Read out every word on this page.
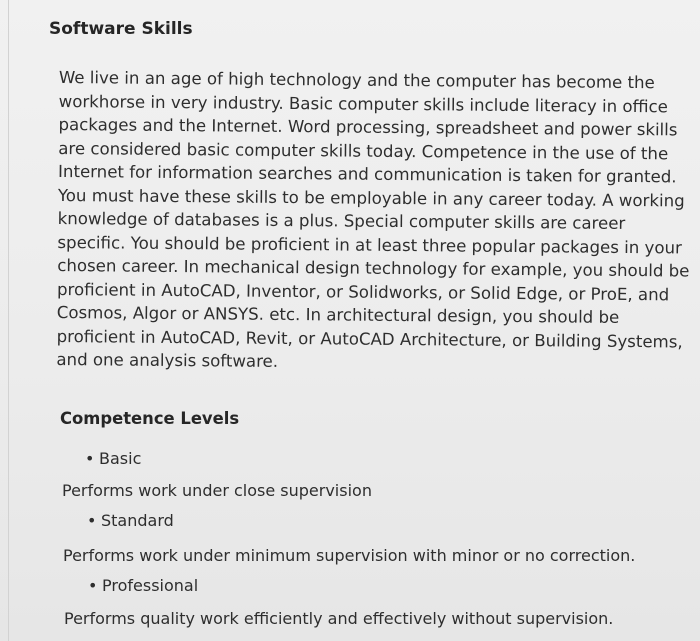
Software Skills

We live in an age of high technology and the computer has become the
workhorse in very industry. Basic computer skills include literacy in office
packages and the Internet. Word processing, spreadsheet and power skills
are considered basic computer skills today. Competence in the use of the
Internet for information searches and communication is taken for granted.
You must have these skills to be employable in any career today. A working
knowledge of databases is a plus. Special computer skills are career
specific. You should be proficient in at least three popular packages in your
chosen career. In mechanical design technology for example, you should be
proficient in AutoCAD, Inventor, or Solidworks, or Solid Edge, or ProE, and
Cosmos, Algor or ANSYS. etc. In architectural design, you should be
proficient in AutoCAD, Revit, or AutoCAD Architecture, or Building Systems,
and one analysis software.

Competence Levels
• Basic
Performs work under close supervision
• Standard
Performs work under minimum supervision with minor or no correction.
• Professional
Performs quality work efficiently and effectively without supervision.
